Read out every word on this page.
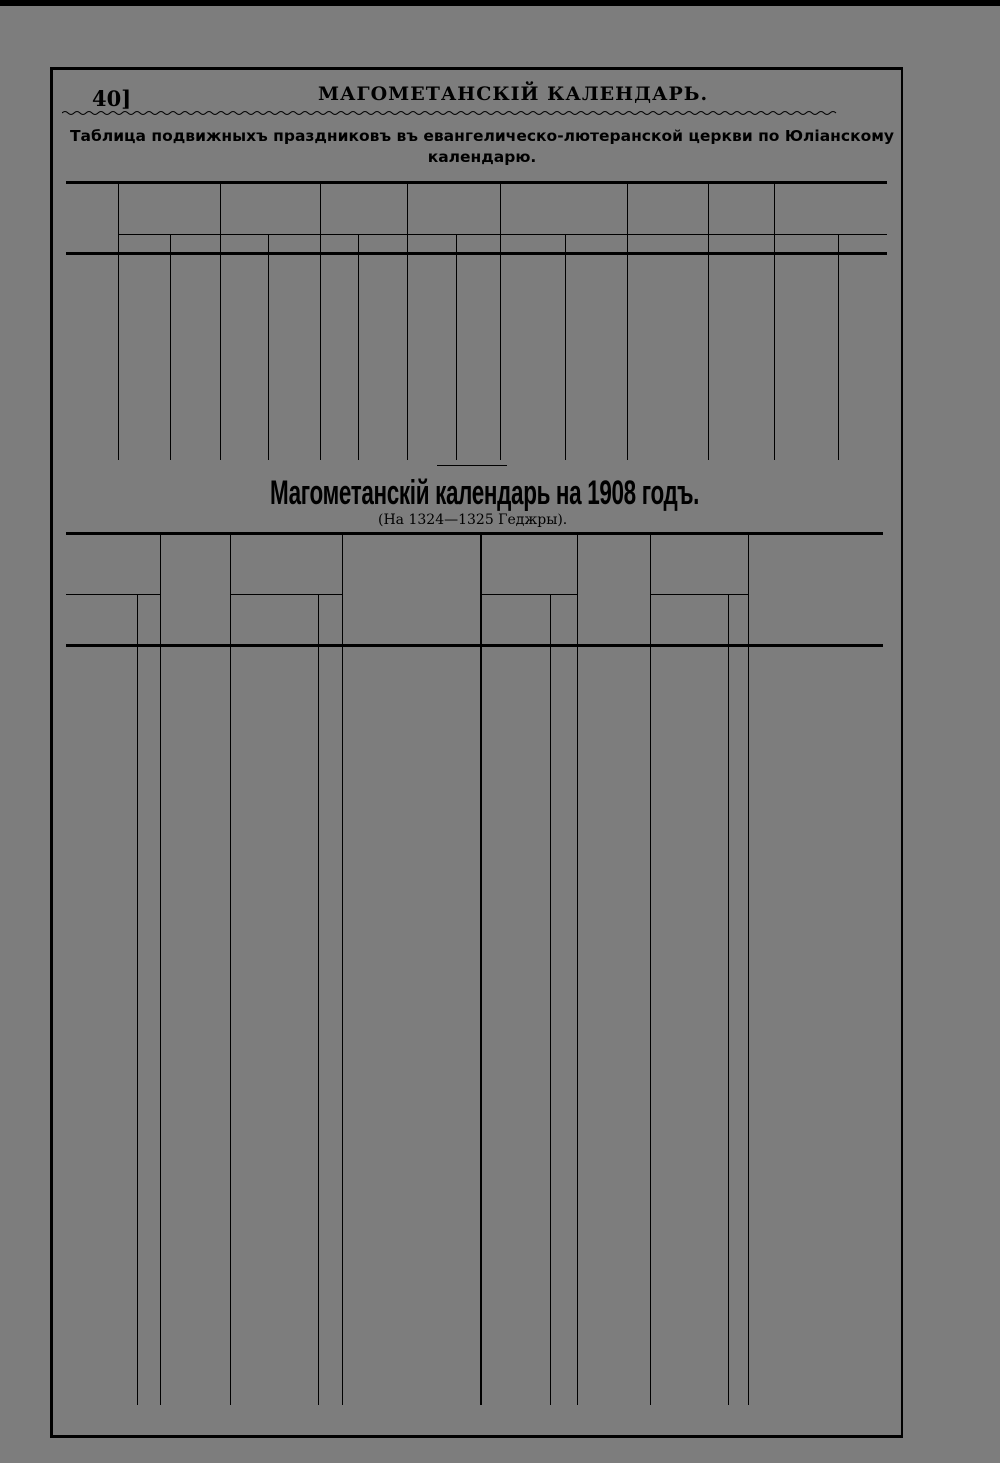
40]	МАГОМЕТАНСКІЙ КАЛЕНДАРЬ.
Таблица подвижныхъ праздниковъ въ евангелическо-лютеранской церкви по Юліанскому календарю.
Магометанскій календарь на 1908 годъ.
(На 1324—1325 Геджры).
